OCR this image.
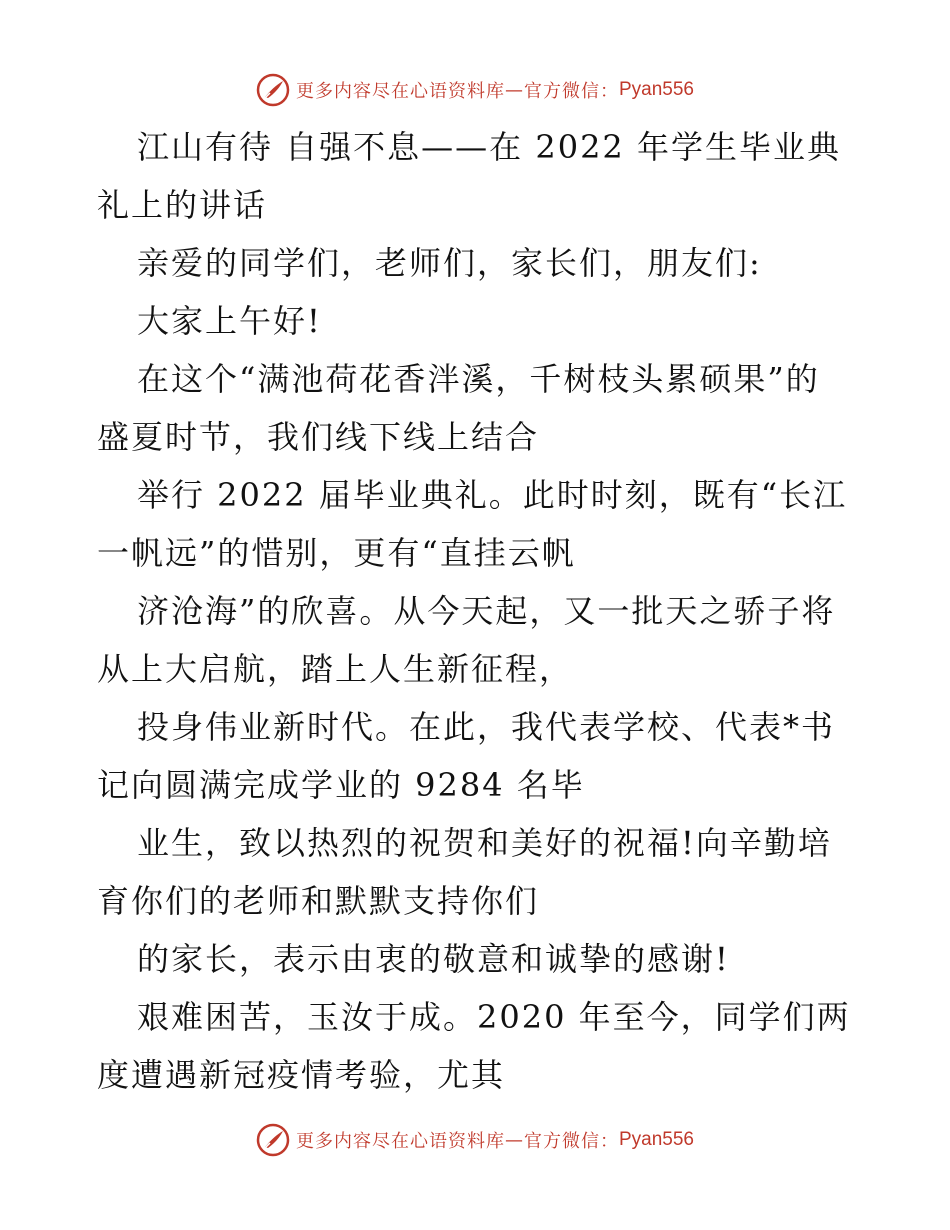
更多内容尽在心语资料库 — 官方微信： Pyan556
江山有待 自强不息——在 2022 年学生毕业典
礼上的讲话
亲爱的同学们，老师们，家长们，朋友们:
大家上午好!
在这个“满池荷花香泮溪，千树枝头累硕果”的
盛夏时节，我们线下线上结合
举行 2022 届毕业典礼。此时时刻，既有“长江
一帆远”的惜别，更有“直挂云帆
济沧海”的欣喜。从今天起，又一批天之骄子将
从上大启航，踏上人生新征程，
投身伟业新时代。在此，我代表学校、代表*书
记向圆满完成学业的 9284 名毕
业生，致以热烈的祝贺和美好的祝福!向辛勤培
育你们的老师和默默支持你们
的家长，表示由衷的敬意和诚挚的感谢!
艰难困苦，玉汝于成。2020 年至今，同学们两
度遭遇新冠疫情考验，尤其
更多内容尽在心语资料库 — 官方微信： Pyan556
